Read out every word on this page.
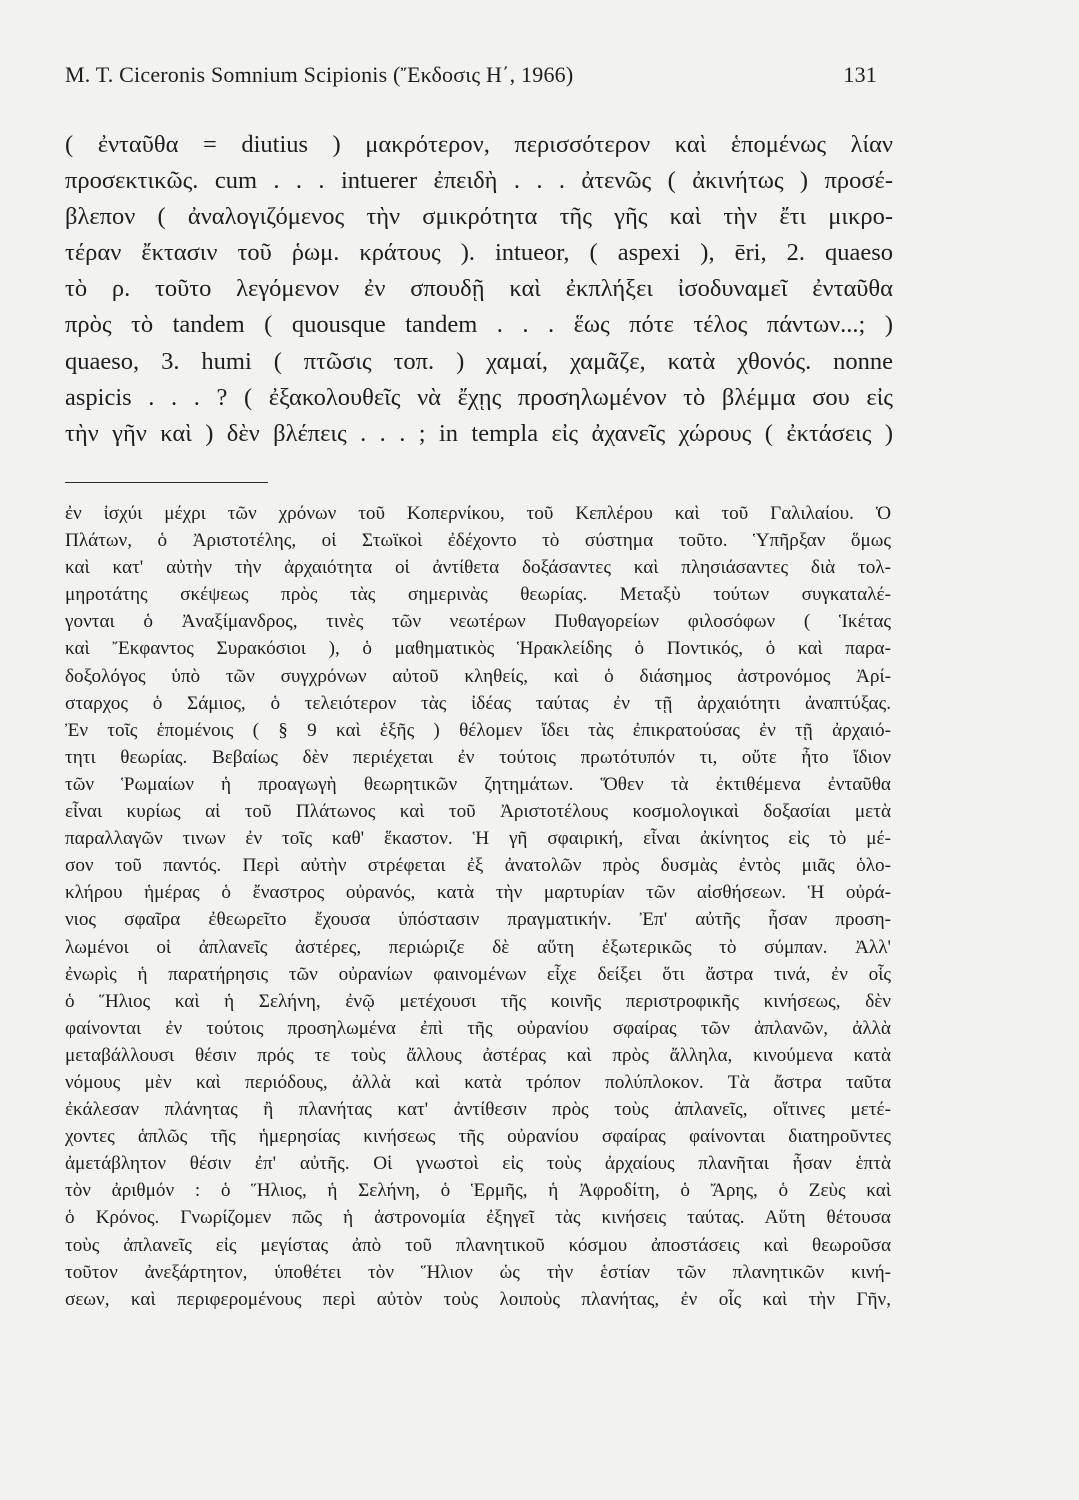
M. T. Ciceronis Somnium Scipionis (Ἔκδοσις Η΄, 1966)	131
( ἐνταῦθα = diutius ) μακρότερον, περισσότερον καὶ ἑπομένως λίαν
προσεκτικῶς. cum . . . intuerer ἐπειδὴ . . . ἀτενῶς ( ἀκινήτως ) προσέ-
βλεπον ( ἀναλογιζόμενος τὴν σμικρότητα τῆς γῆς καὶ τὴν ἔτι μικρο-
τέραν ἔκτασιν τοῦ ῥωμ. κράτους ). intueor, ( aspexi ), ēri, 2. quaeso
τὸ ρ. τοῦτο λεγόμενον ἐν σπουδῇ καὶ ἐκπλήξει ἰσοδυναμεῖ ἐνταῦθα
πρὸς τὸ tandem ( quousque tandem . . . ἕως πότε τέλος πάντων...; )
quaeso, 3. humi ( πτῶσις τοπ. ) χαμαί, χαμᾶζε, κατὰ χθονός. nonne
aspicis . . . ? ( ἐξακολουθεῖς νὰ ἔχῃς προσηλωμένον τὸ βλέμμα σου εἰς
τὴν γῆν καὶ ) δὲν βλέπεις . . . ; in templa εἰς ἀχανεῖς χώρους ( ἐκτάσεις )
ἐν ἰσχύι μέχρι τῶν χρόνων τοῦ Κοπερνίκου, τοῦ Κεπλέρου καὶ τοῦ Γαλιλαίου. Ὁ
Πλάτων, ὁ Ἀριστοτέλης, οἱ Στωϊκοὶ ἐδέχοντο τὸ σύστημα τοῦτο. Ὑπῆρξαν ὅμως
καὶ κατ' αὐτὴν τὴν ἀρχαιότητα οἱ ἀντίθετα δοξάσαντες καὶ πλησιάσαντες διὰ τολ-
μηροτάτης σκέψεως πρὸς τὰς σημερινὰς θεωρίας. Μεταξὺ τούτων συγκαταλέ-
γονται ὁ Ἀναξίμανδρος, τινὲς τῶν νεωτέρων Πυθαγορείων φιλοσόφων ( Ἱκέτας
καὶ Ἔκφαντος Συρακόσιοι ), ὁ μαθηματικὸς Ἡρακλείδης ὁ Ποντικός, ὁ καὶ παρα-
δοξολόγος ὑπὸ τῶν συγχρόνων αὐτοῦ κληθείς, καὶ ὁ διάσημος ἀστρονόμος Ἀρί-
σταρχος ὁ Σάμιος, ὁ τελειότερον τὰς ἰδέας ταύτας ἐν τῇ ἀρχαιότητι ἀναπτύξας.
Ἐν τοῖς ἑπομένοις ( § 9 καὶ ἑξῆς ) θέλομεν ἴδει τὰς ἐπικρατούσας ἐν τῇ ἀρχαιό-
τητι θεωρίας. Βεβαίως δὲν περιέχεται ἐν τούτοις πρωτότυπόν τι, οὔτε ἦτο ἴδιον
τῶν Ῥωμαίων ἡ προαγωγὴ θεωρητικῶν ζητημάτων. Ὅθεν τὰ ἐκτιθέμενα ἐνταῦθα
εἶναι κυρίως αἱ τοῦ Πλάτωνος καὶ τοῦ Ἀριστοτέλους κοσμολογικαὶ δοξασίαι μετὰ
παραλλαγῶν τινων ἐν τοῖς καθ' ἕκαστον. Ἡ γῆ σφαιρική, εἶναι ἀκίνητος εἰς τὸ μέ-
σον τοῦ παντός. Περὶ αὐτὴν στρέφεται ἐξ ἀνατολῶν πρὸς δυσμὰς ἐντὸς μιᾶς ὁλο-
κλήρου ἡμέρας ὁ ἔναστρος οὐρανός, κατὰ τὴν μαρτυρίαν τῶν αἰσθήσεων. Ἡ οὐρά-
νιος σφαῖρα ἐθεωρεῖτο ἔχουσα ὑπόστασιν πραγματικήν. Ἐπ' αὐτῆς ἦσαν προση-
λωμένοι οἱ ἀπλανεῖς ἀστέρες, περιώριζε δὲ αὕτη ἐξωτερικῶς τὸ σύμπαν. Ἀλλ'
ἐνωρὶς ἡ παρατήρησις τῶν οὐρανίων φαινομένων εἶχε δείξει ὅτι ἄστρα τινά, ἐν οἷς
ὁ Ἥλιος καὶ ἡ Σελήνη, ἐνῷ μετέχουσι τῆς κοινῆς περιστροφικῆς κινήσεως, δὲν
φαίνονται ἐν τούτοις προσηλωμένα ἐπὶ τῆς οὐρανίου σφαίρας τῶν ἀπλανῶν, ἀλλὰ
μεταβάλλουσι θέσιν πρός τε τοὺς ἄλλους ἀστέρας καὶ πρὸς ἄλληλα, κινούμενα κατὰ
νόμους μὲν καὶ περιόδους, ἀλλὰ καὶ κατὰ τρόπον πολύπλοκον. Τὰ ἄστρα ταῦτα
ἐκάλεσαν πλάνητας ἢ πλανήτας κατ' ἀντίθεσιν πρὸς τοὺς ἀπλανεῖς, οἵτινες μετέ-
χοντες ἁπλῶς τῆς ἡμερησίας κινήσεως τῆς οὐρανίου σφαίρας φαίνονται διατηροῦντες
ἀμετάβλητον θέσιν ἐπ' αὐτῆς. Οἱ γνωστοὶ εἰς τοὺς ἀρχαίους πλανῆται ἦσαν ἑπτὰ
τὸν ἀριθμόν : ὁ Ἥλιος, ἡ Σελήνη, ὁ Ἑρμῆς, ἡ Ἀφροδίτη, ὁ Ἄρης, ὁ Ζεὺς καὶ
ὁ Κρόνος. Γνωρίζομεν πῶς ἡ ἀστρονομία ἐξηγεῖ τὰς κινήσεις ταύτας. Αὕτη θέτουσα
τοὺς ἀπλανεῖς εἰς μεγίστας ἀπὸ τοῦ πλανητικοῦ κόσμου ἀποστάσεις καὶ θεωροῦσα
τοῦτον ἀνεξάρτητον, ὑποθέτει τὸν Ἥλιον ὡς τὴν ἑστίαν τῶν πλανητικῶν κινή-
σεων, καὶ περιφερομένους περὶ αὐτὸν τοὺς λοιποὺς πλανήτας, ἐν οἷς καὶ τὴν Γῆν,
